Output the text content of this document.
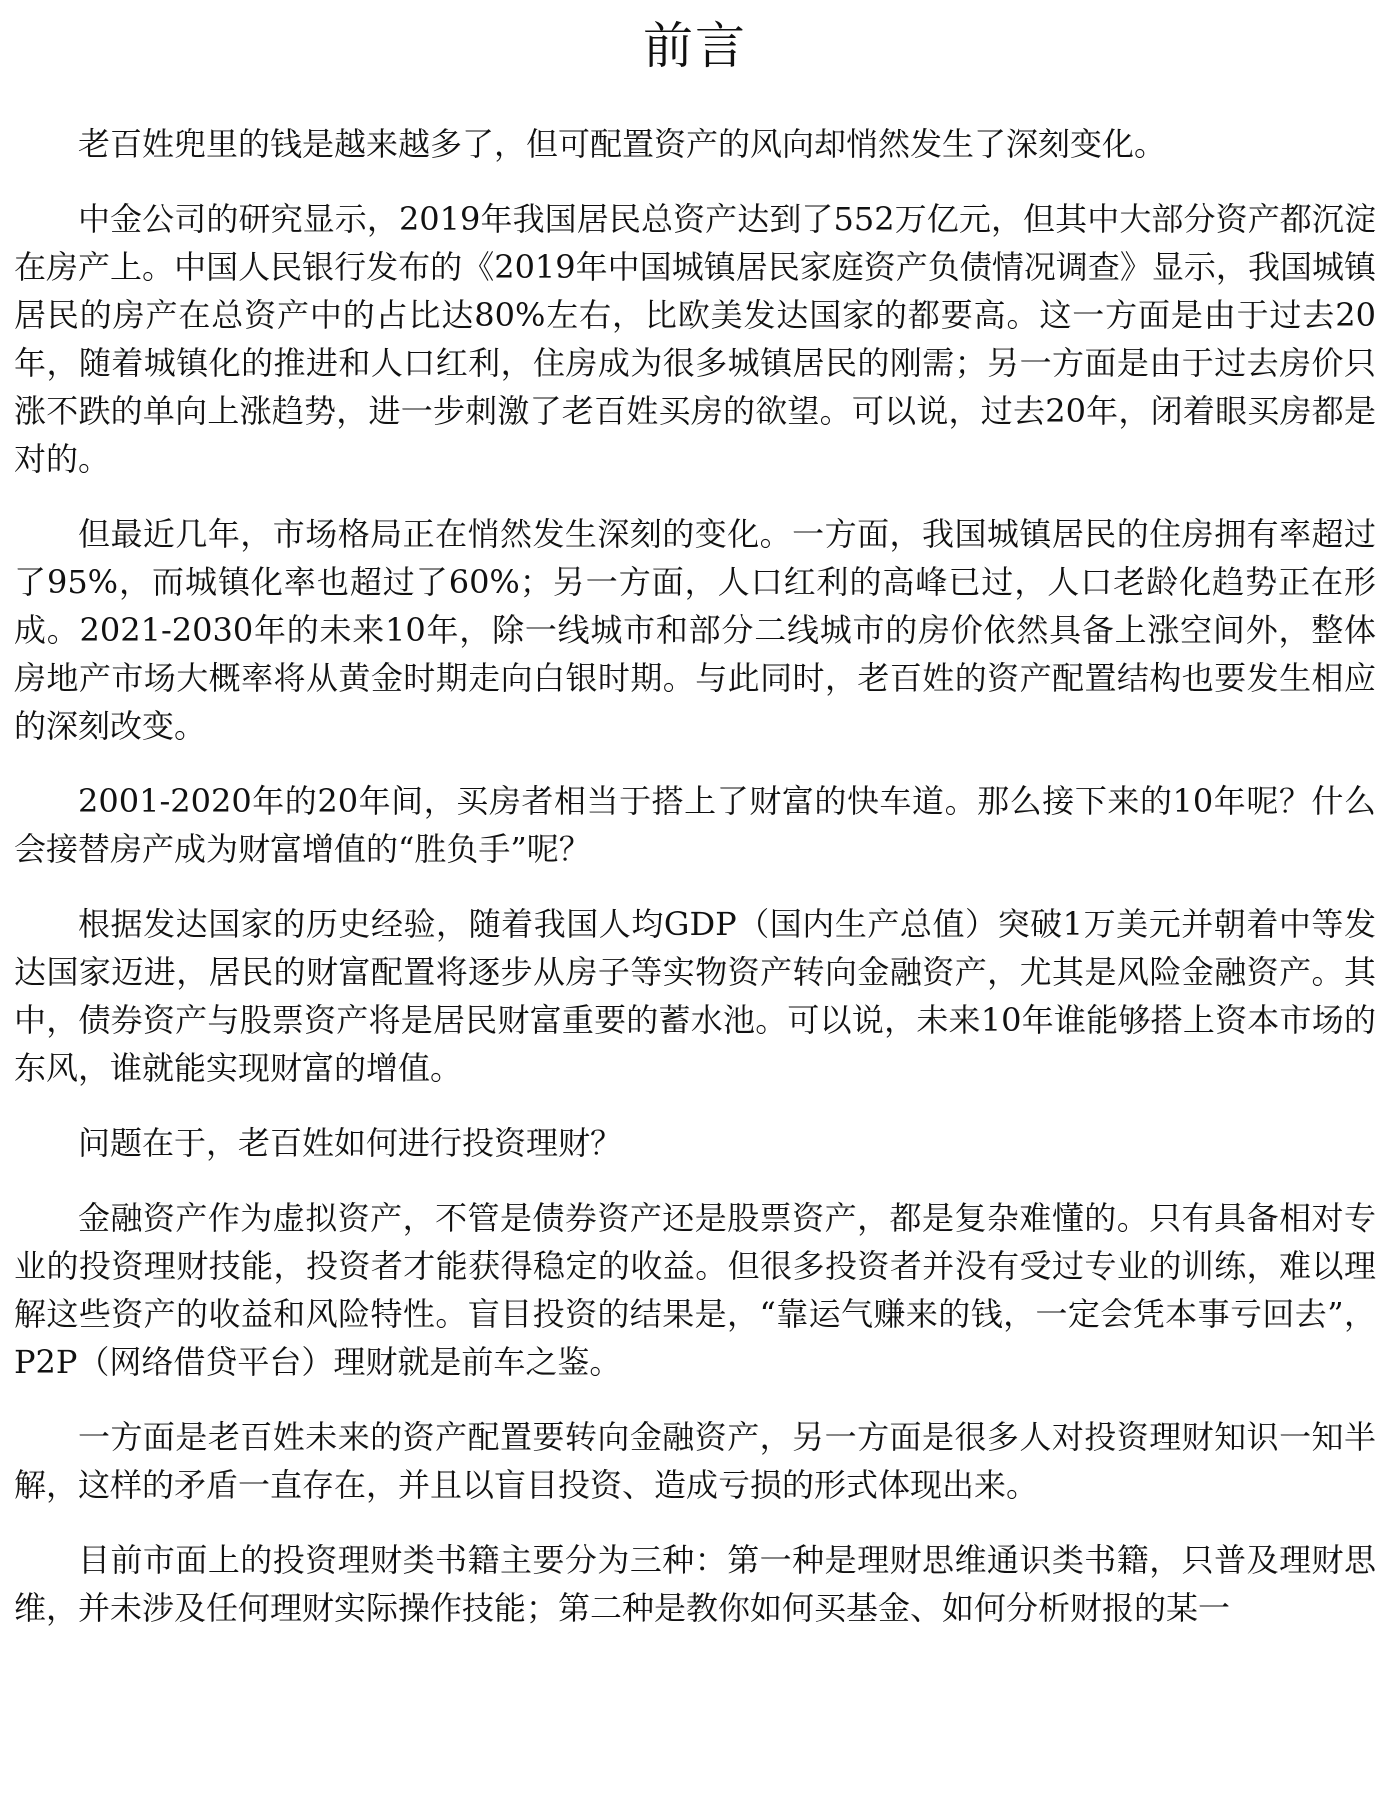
前言

老百姓兜里的钱是越来越多了，但可配置资产的风向却悄然发生了深刻变化。

中金公司的研究显示，2019年我国居民总资产达到了552万亿元，但其中大部分资产都沉淀在房产上。中国人民银行发布的《2019年中国城镇居民家庭资产负债情况调查》显示，我国城镇居民的房产在总资产中的占比达80%左右，比欧美发达国家的都要高。这一方面是由于过去20年，随着城镇化的推进和人口红利，住房成为很多城镇居民的刚需；另一方面是由于过去房价只涨不跌的单向上涨趋势，进一步刺激了老百姓买房的欲望。可以说，过去20年，闭着眼买房都是对的。

但最近几年，市场格局正在悄然发生深刻的变化。一方面，我国城镇居民的住房拥有率超过了95%，而城镇化率也超过了60%；另一方面，人口红利的高峰已过，人口老龄化趋势正在形成。2021-2030年的未来10年，除一线城市和部分二线城市的房价依然具备上涨空间外，整体房地产市场大概率将从黄金时期走向白银时期。与此同时，老百姓的资产配置结构也要发生相应的深刻改变。

2001-2020年的20年间，买房者相当于搭上了财富的快车道。那么接下来的10年呢？什么会接替房产成为财富增值的“胜负手”呢？

根据发达国家的历史经验，随着我国人均GDP（国内生产总值）突破1万美元并朝着中等发达国家迈进，居民的财富配置将逐步从房子等实物资产转向金融资产，尤其是风险金融资产。其中，债券资产与股票资产将是居民财富重要的蓄水池。可以说，未来10年谁能够搭上资本市场的东风，谁就能实现财富的增值。

问题在于，老百姓如何进行投资理财？

金融资产作为虚拟资产，不管是债券资产还是股票资产，都是复杂难懂的。只有具备相对专业的投资理财技能，投资者才能获得稳定的收益。但很多投资者并没有受过专业的训练，难以理解这些资产的收益和风险特性。盲目投资的结果是，“靠运气赚来的钱，一定会凭本事亏回去”，P2P（网络借贷平台）理财就是前车之鉴。

一方面是老百姓未来的资产配置要转向金融资产，另一方面是很多人对投资理财知识一知半解，这样的矛盾一直存在，并且以盲目投资、造成亏损的形式体现出来。

目前市面上的投资理财类书籍主要分为三种：第一种是理财思维通识类书籍，只普及理财思维，并未涉及任何理财实际操作技能；第二种是教你如何买基金、如何分析财报的某一
